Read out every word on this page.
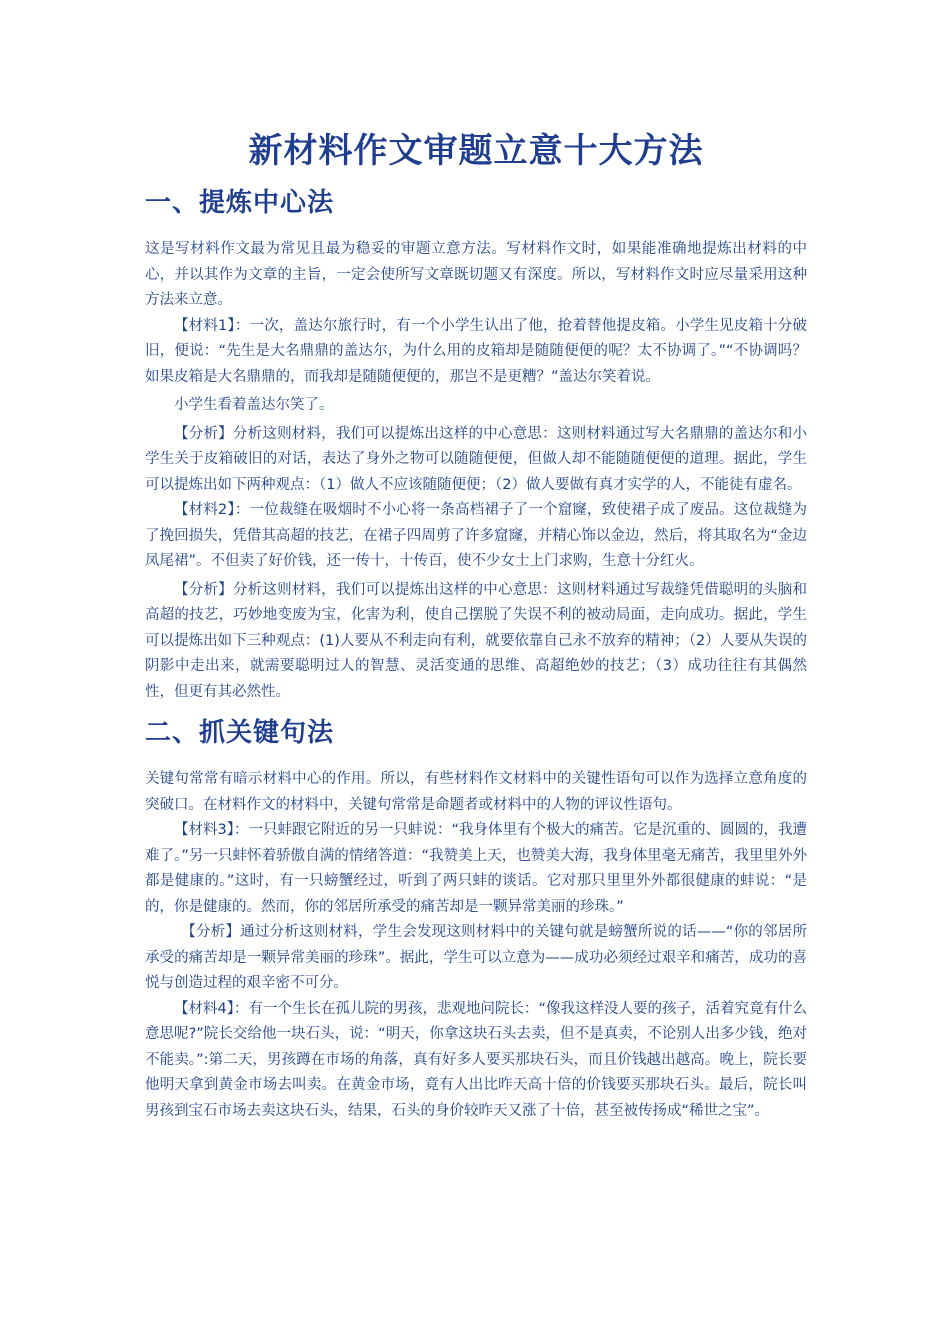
新材料作文审题立意十大方法
一、提炼中心法

这是写材料作文最为常见且最为稳妥的审题立意方法。写材料作文时，如果能准确地提炼出材料的中心，并以其作为文章的主旨，一定会使所写文章既切题又有深度。所以，写材料作文时应尽量采用这种方法来立意。

【材料1】：一次，盖达尔旅行时，有一个小学生认出了他，抢着替他提皮箱。小学生见皮箱十分破旧，便说：“先生是大名鼎鼎的盖达尔，为什么用的皮箱却是随随便便的呢？太不协调了。”“不协调吗？如果皮箱是大名鼎鼎的，而我却是随随便便的，那岂不是更糟？”盖达尔笑着说。

小学生看着盖达尔笑了。

【分析】分析这则材料，我们可以提炼出这样的中心意思：这则材料通过写大名鼎鼎的盖达尔和小学生关于皮箱破旧的对话，表达了身外之物可以随随便便，但做人却不能随随便便的道理。据此，学生可以提炼出如下两种观点：（1）做人不应该随随便便；（2）做人要做有真才实学的人，不能徒有虚名。

【材料2】：一位裁缝在吸烟时不小心将一条高档裙子了一个窟窿，致使裙子成了废品。这位裁缝为了挽回损失，凭借其高超的技艺，在裙子四周剪了许多窟窿，并精心饰以金边，然后，将其取名为“金边凤尾裙”。不但卖了好价钱，还一传十，十传百，使不少女士上门求购，生意十分红火。

【分析】分析这则材料，我们可以提炼出这样的中心意思：这则材料通过写裁缝凭借聪明的头脑和高超的技艺，巧妙地变废为宝，化害为利，使自己摆脱了失误不利的被动局面，走向成功。据此，学生可以提炼出如下三种观点：(1)人要从不利走向有利，就要依靠自己永不放弃的精神；（2）人要从失误的阴影中走出来，就需要聪明过人的智慧、灵活变通的思维、高超绝妙的技艺；（3）成功往往有其偶然性，但更有其必然性。

二、抓关键句法

关键句常常有暗示材料中心的作用。所以，有些材料作文材料中的关键性语句可以作为选择立意角度的突破口。在材料作文的材料中，关键句常常是命题者或材料中的人物的评议性语句。

【材料3】：一只蚌跟它附近的另一只蚌说：“我身体里有个极大的痛苦。它是沉重的、圆圆的，我遭难了。”另一只蚌怀着骄傲自满的情绪答道：“我赞美上天，也赞美大海，我身体里毫无痛苦，我里里外外都是健康的。”这时，有一只螃蟹经过，听到了两只蚌的谈话。它对那只里里外外都很健康的蚌说：“是的，你是健康的。然而，你的邻居所承受的痛苦却是一颗异常美丽的珍珠。”

【分析】通过分析这则材料，学生会发现这则材料中的关键句就是螃蟹所说的话——“你的邻居所承受的痛苦却是一颗异常美丽的珍珠”。据此，学生可以立意为——成功必须经过艰辛和痛苦，成功的喜悦与创造过程的艰辛密不可分。

【材料4】：有一个生长在孤儿院的男孩，悲观地问院长：“像我这样没人要的孩子，活着究竟有什么意思呢?”院长交给他一块石头，说：“明天，你拿这块石头去卖，但不是真卖，不论别人出多少钱，绝对不能卖。”:第二天，男孩蹲在市场的角落，真有好多人要买那块石头，而且价钱越出越高。晚上，院长要他明天拿到黄金市场去叫卖。在黄金市场，竟有人出比昨天高十倍的价钱要买那块石头。最后，院长叫男孩到宝石市场去卖这块石头，结果，石头的身价较昨天又涨了十倍，甚至被传扬成“稀世之宝”。
